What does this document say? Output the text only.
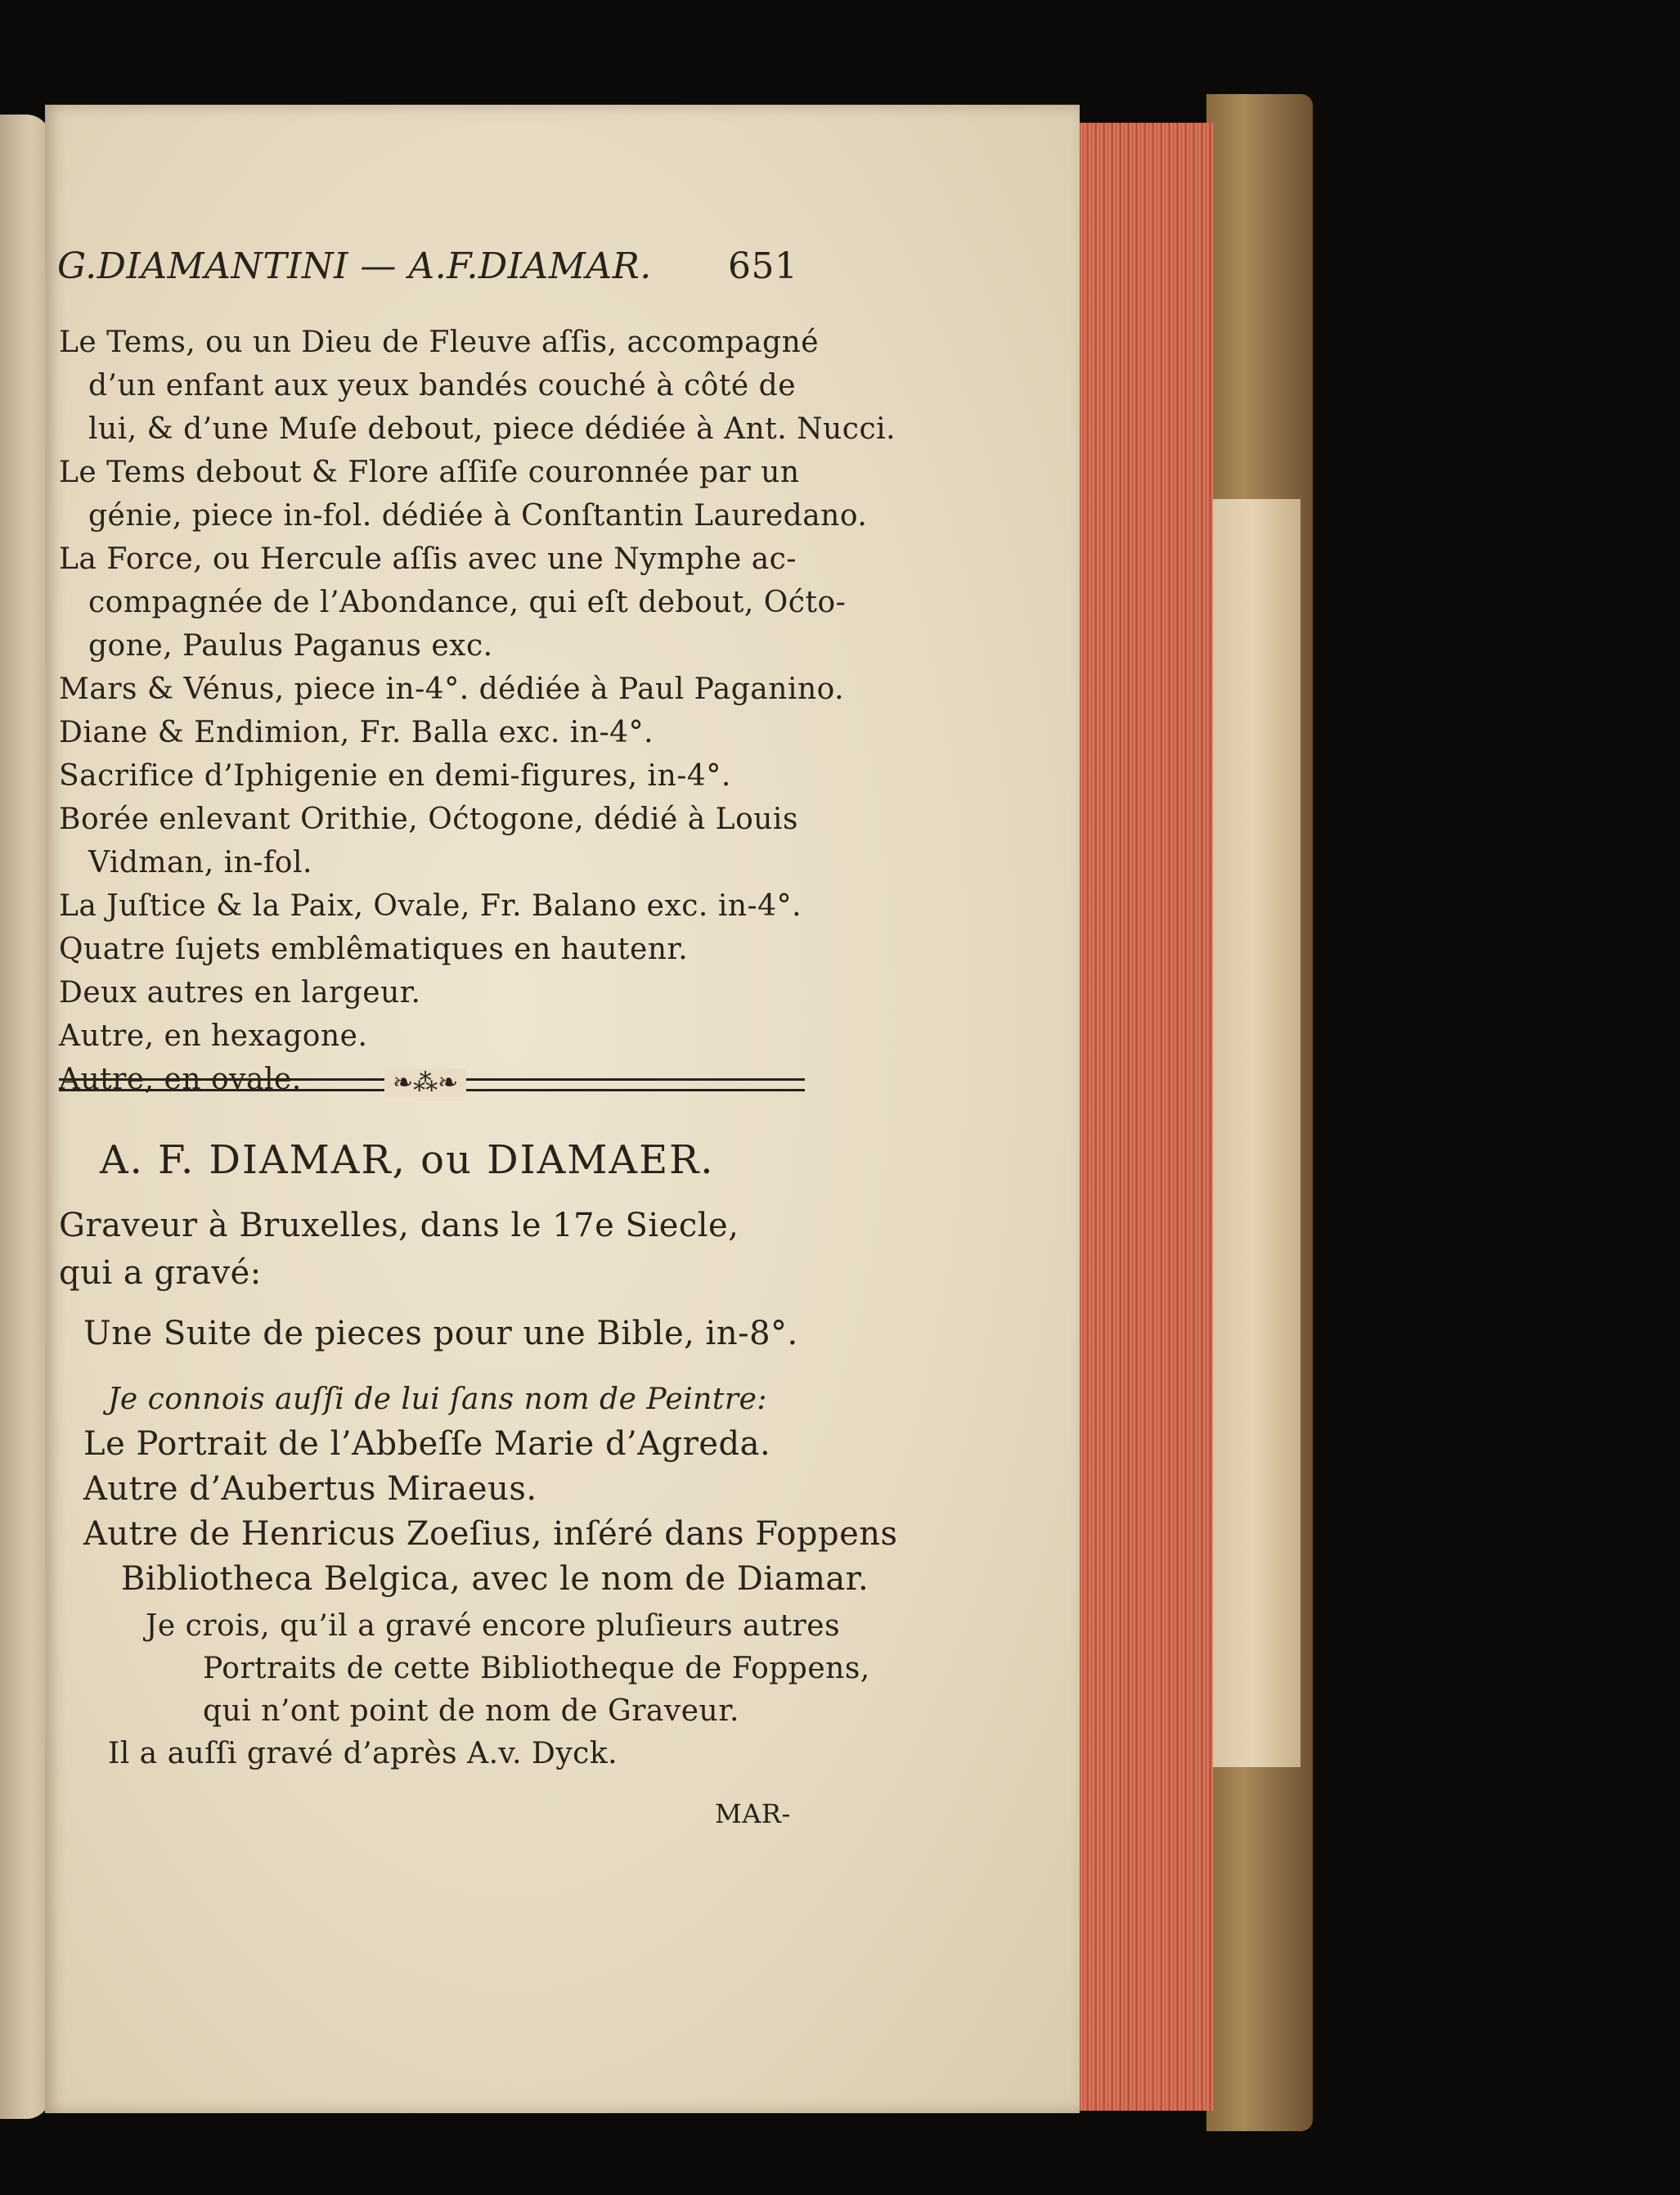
G.DIAMANTINI — A.F.DIAMAR. 651
Le Tems, ou un Dieu de Fleuve aſſis, accompagné
d’un enfant aux yeux bandés couché à côté de
lui, & d’une Muſe debout, piece dédiée à Ant. Nucci.
Le Tems debout & Flore aſſiſe couronnée par un
génie, piece in-fol. dédiée à Conſtantin Lauredano.
La Force, ou Hercule aſſis avec une Nymphe ac-
compagnée de l’Abondance, qui eſt debout, Oćto-
gone, Paulus Paganus exc.
Mars & Vénus, piece in-4°. dédiée à Paul Paganino.
Diane & Endimion, Fr. Balla exc. in-4°.
Sacrifice d’Iphigenie en demi-figures, in-4°.
Borée enlevant Orithie, Oćtogone, dédié à Louis
Vidman, in-fol.
La Juſtice & la Paix, Ovale, Fr. Balano exc. in-4°.
Quatre ſujets emblêmatiques en hautenr.
Deux autres en largeur.
Autre, en hexagone.
Autre, en ovale.	❧⁂❧
A. F. DIAMAR, ou DIAMAER.
Graveur à Bruxelles, dans le 17e Siecle,
qui a gravé:
Une Suite de pieces pour une Bible, in-8°.
Je connois auſſi de lui ſans nom de Peintre:
Le Portrait de l’Abbeſſe Marie d’Agreda.
Autre d’Aubertus Miraeus.
Autre de Henricus Zoeſius, inſéré dans Foppens
Bibliotheca Belgica, avec le nom de Diamar.
Je crois, qu’il a gravé encore pluſieurs autres
Portraits de cette Bibliotheque de Foppens,
qui n’ont point de nom de Graveur.
Il a auſſi gravé d’après A.v. Dyck.
MAR-
